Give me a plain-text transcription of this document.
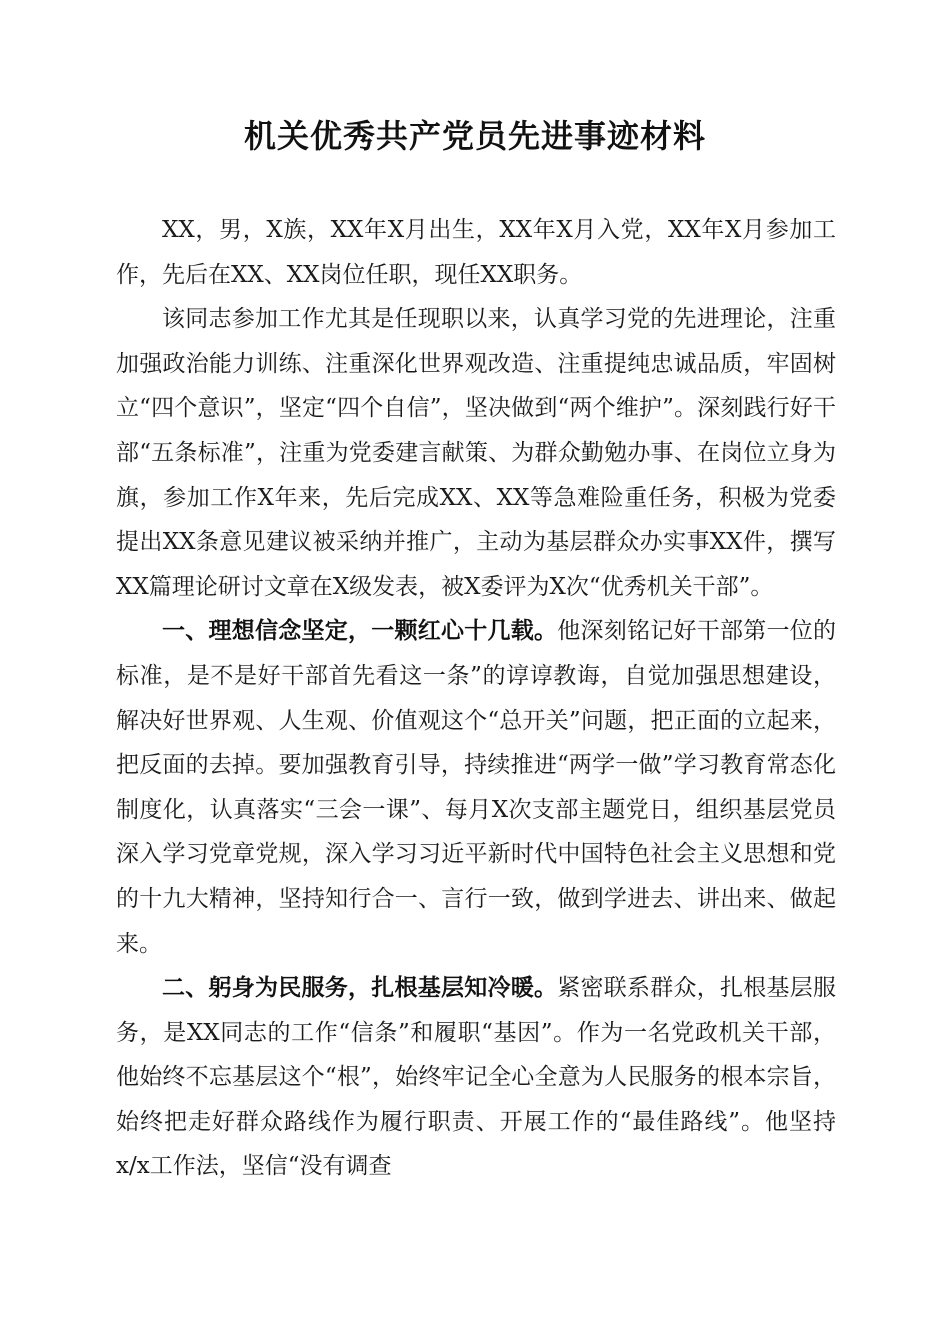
机关优秀共产党员先进事迹材料

XX，男，X族，XX年X月出生，XX年X月入党，XX年X月参加工作，先后在XX、XX岗位任职，现任XX职务。

该同志参加工作尤其是任现职以来，认真学习党的先进理论，注重加强政治能力训练、注重深化世界观改造、注重提纯忠诚品质，牢固树立“四个意识”，坚定“四个自信”，坚决做到“两个维护”。深刻践行好干部“五条标准”，注重为党委建言献策、为群众勤勉办事、在岗位立身为旗，参加工作X年来，先后完成XX、XX等急难险重任务，积极为党委提出XX条意见建议被采纳并推广，主动为基层群众办实事XX件，撰写XX篇理论研讨文章在X级发表，被X委评为X次“优秀机关干部”。

一、理想信念坚定，一颗红心十几载。他深刻铭记好干部第一位的标准，是不是好干部首先看这一条”的谆谆教诲，自觉加强思想建设，解决好世界观、人生观、价值观这个“总开关”问题，把正面的立起来，把反面的去掉。要加强教育引导，持续推进“两学一做”学习教育常态化制度化，认真落实“三会一课”、每月X次支部主题党日，组织基层党员深入学习党章党规，深入学习习近平新时代中国特色社会主义思想和党的十九大精神，坚持知行合一、言行一致，做到学进去、讲出来、做起来。

二、躬身为民服务，扎根基层知冷暖。紧密联系群众，扎根基层服务，是XX同志的工作“信条”和履职“基因”。作为一名党政机关干部，他始终不忘基层这个“根”，始终牢记全心全意为人民服务的根本宗旨，始终把走好群众路线作为履行职责、开展工作的“最佳路线”。他坚持x/x工作法，坚信“没有调查
